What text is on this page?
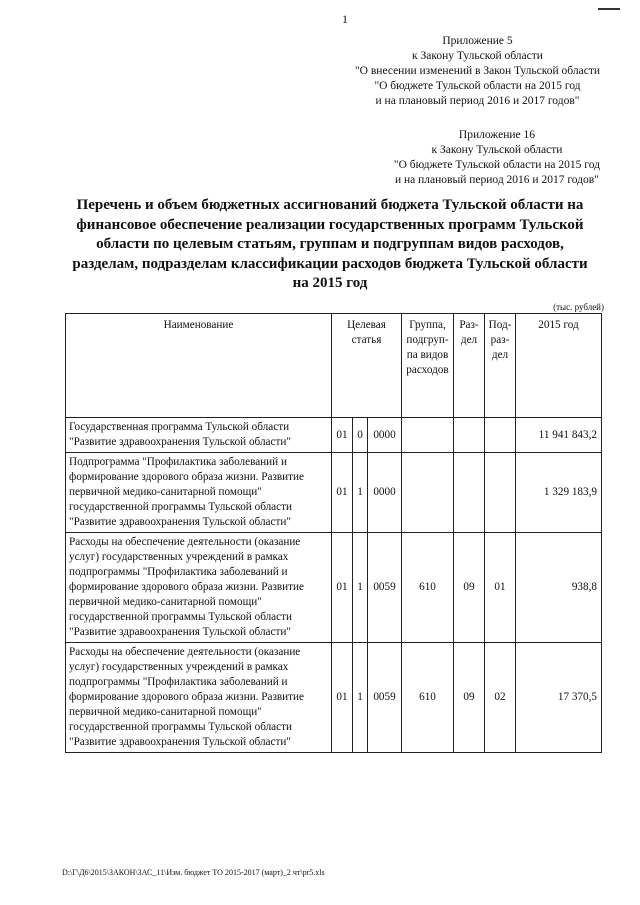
1
Приложение 5
к Закону Тульской области
"О внесении изменений в Закон Тульской области
"О бюджете Тульской области на 2015 год
и на плановый период 2016 и 2017 годов"
Приложение 16
к Закону Тульской области
"О бюджете Тульской области на 2015 год
и на плановый период 2016 и 2017 годов"
Перечень и объем бюджетных ассигнований бюджета Тульской области на
финансовое обеспечение реализации государственных программ Тульской
области по целевым статьям, группам и подгруппам видов расходов,
разделам, подразделам классификации расходов бюджета Тульской области
на 2015 год
(тыс. рублей)
Наименование	Целевая статья			Группа, подгруп-па видов расходов	Раз-дел	Под-раз-дел	2015 год
Государственная программа Тульской области "Развитие здравоохранения Тульской области"	01	0	0000				11 941 843,2
Подпрограмма "Профилактика заболеваний и формирование здорового образа жизни. Развитие первичной медико-санитарной помощи" государственной программы Тульской области "Развитие здравоохранения Тульской области"	01	1	0000				1 329 183,9
Расходы на обеспечение деятельности (оказание услуг) государственных учреждений в рамках подпрограммы "Профилактика заболеваний и формирование здорового образа жизни. Развитие первичной медико-санитарной помощи" государственной программы Тульской области "Развитие здравоохранения Тульской области"	01	1	0059	610	09	01	938,8
Расходы на обеспечение деятельности (оказание услуг) государственных учреждений в рамках подпрограммы "Профилактика заболеваний и формирование здорового образа жизни. Развитие первичной медико-санитарной помощи" государственной программы Тульской области "Развитие здравоохранения Тульской области"	01	1	0059	610	09	02	17 370,5
D:\Г\Д6\2015\ЗАКОН\ЗАС_11\Изм. бюджет ТО 2015-2017 (март)_2 чт\pr5.xls
